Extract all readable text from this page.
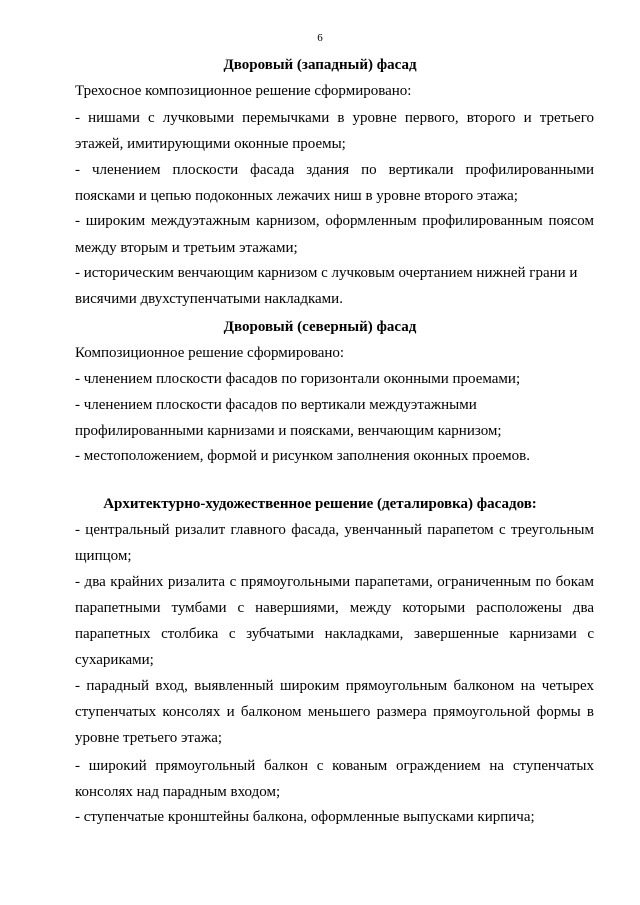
6
Дворовый (западный) фасад
Трехосное композиционное решение сформировано:
- нишами с лучковыми перемычками в уровне первого, второго и третьего
этажей, имитирующими оконные проемы;
- членением плоскости фасада здания по вертикали профилированными
поясками и цепью подоконных лежачих ниш в уровне второго этажа;
- широким междуэтажным карнизом, оформленным профилированным поясом
между вторым и третьим этажами;
- историческим венчающим карнизом с лучковым очертанием нижней грани и
висячими двухступенчатыми накладками.
Дворовый (северный) фасад
Композиционное решение сформировано:
- членением плоскости фасадов по горизонтали оконными проемами;
- членением плоскости фасадов по вертикали междуэтажными
профилированными карнизами и поясками, венчающим карнизом;
- местоположением, формой и рисунком заполнения оконных проемов.
Архитектурно-художественное решение (деталировка) фасадов:
- центральный ризалит главного фасада, увенчанный парапетом с треугольным
щипцом;
- два крайних ризалита с прямоугольными парапетами, ограниченным по бокам
парапетными тумбами с навершиями, между которыми расположены два
парапетных столбика с зубчатыми накладками, завершенные карнизами с
сухариками;
- парадный вход, выявленный широким прямоугольным балконом на четырех
ступенчатых консолях и балконом меньшего размера прямоугольной формы в
уровне третьего этажа;
- широкий прямоугольный балкон с кованым ограждением на ступенчатых
консолях над парадным входом;
- ступенчатые кронштейны балкона, оформленные выпусками кирпича;
